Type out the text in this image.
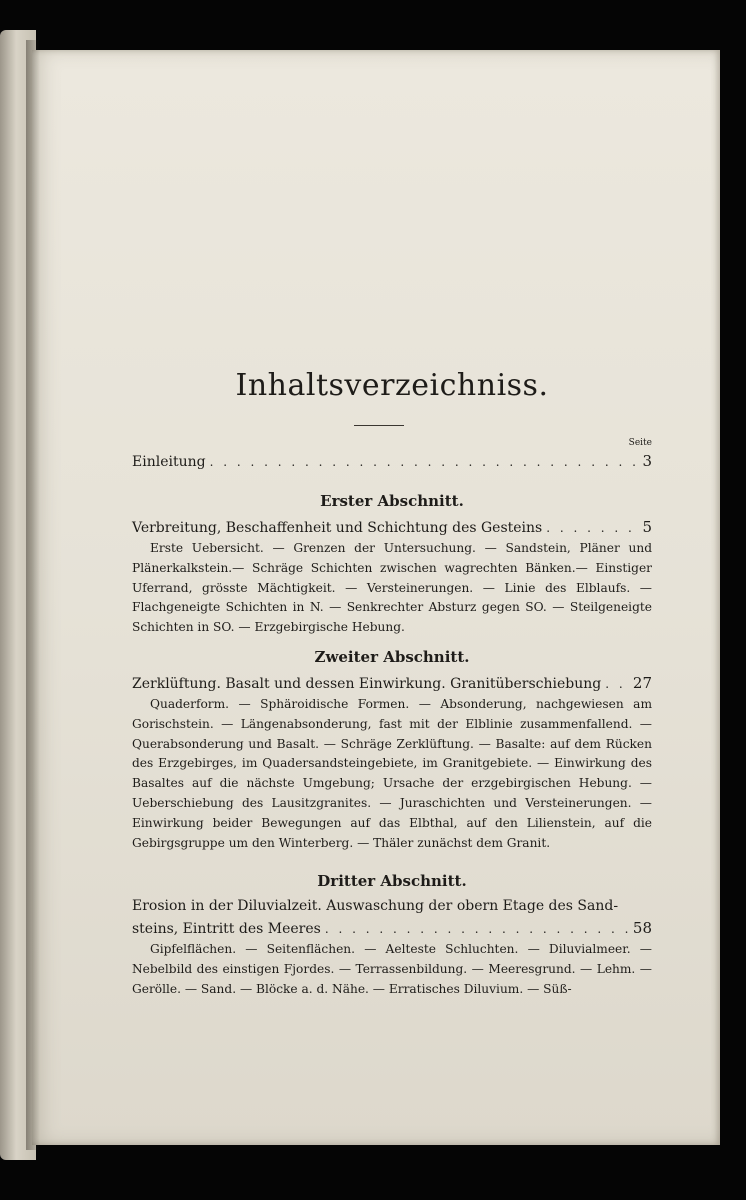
Inhaltsverzeichniss.
Seite
Einleitung . . .	3
Erster Abschnitt.
Verbreitung, Beschaffenheit und Schichtung des Gesteins . . .	5

Erste Uebersicht. — Grenzen der Untersuchung. — Sandstein, Pläner und Plänerkalkstein.— Schräge Schichten zwischen wagrechten Bänken.— Einstiger Uferrand, grösste Mächtigkeit. — Versteinerungen. — Linie des Elblaufs. — Flachgeneigte Schichten in N. — Senkrechter Absturz gegen SO. — Steilgeneigte Schichten in SO. — Erzgebirgische Hebung.

Zweiter Abschnitt.
Zerklüftung. Basalt und dessen Einwirkung. Granitüberschiebung . . . 27

Quaderform. — Sphäroidische Formen. — Absonderung, nachgewiesen am Gorischstein. — Längenabsonderung, fast mit der Elblinie zusammenfallend. — Querabsonderung und Basalt. — Schräge Zerklüftung. — Basalte: auf dem Rücken des Erzgebirges, im Quadersandsteingebiete, im Granitgebiete. — Einwirkung des Basaltes auf die nächste Umgebung; Ursache der erzgebirgischen Hebung. — Ueberschiebung des Lausitzgranites. — Juraschichten und Versteinerungen. — Einwirkung beider Bewegungen auf das Elbthal, auf den Lilienstein, auf die Gebirgsgruppe um den Winterberg. — Thäler zunächst dem Granit.

Dritter Abschnitt.
Erosion in der Diluvialzeit. Auswaschung der obern Etage des Sand-
steins, Eintritt des Meeres . . .	58

Gipfelflächen. — Seitenflächen. — Aelteste Schluchten. — Diluvialmeer. — Nebelbild des einstigen Fjordes. — Terrassenbildung. — Meeresgrund. — Lehm. — Gerölle. — Sand. — Blöcke a. d. Nähe. — Erratisches Diluvium. — Süß-
